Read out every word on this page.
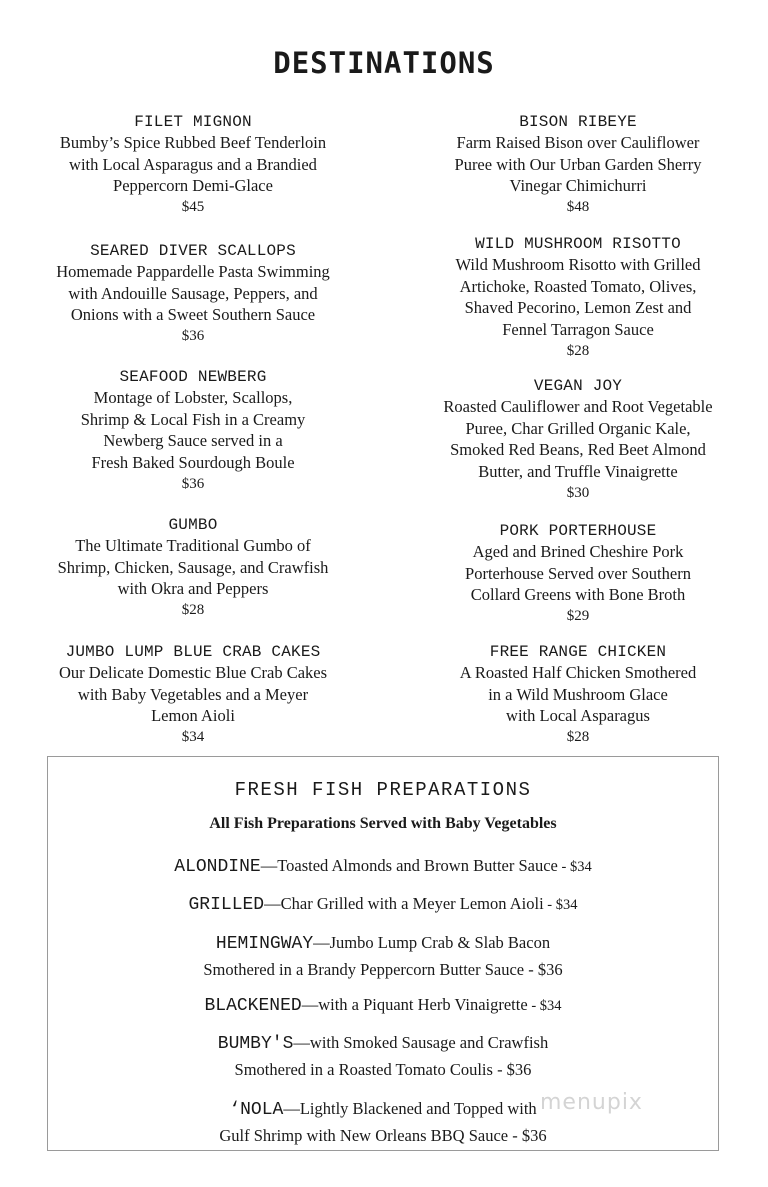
DESTINATIONS
FILET MIGNON
Bumby’s Spice Rubbed Beef Tenderloin
with Local Asparagus and a Brandied
Peppercorn Demi-Glace
$45
SEARED DIVER SCALLOPS
Homemade Pappardelle Pasta Swimming
with Andouille Sausage, Peppers, and
Onions with a Sweet Southern Sauce
$36
SEAFOOD NEWBERG
Montage of Lobster, Scallops,
Shrimp & Local Fish in a Creamy
Newberg Sauce served in a
Fresh Baked Sourdough Boule
$36
GUMBO
The Ultimate Traditional Gumbo of
Shrimp, Chicken, Sausage, and Crawfish
with Okra and Peppers
$28
JUMBO LUMP BLUE CRAB CAKES
Our Delicate Domestic Blue Crab Cakes
with Baby Vegetables and a Meyer
Lemon Aioli
$34
BISON RIBEYE
Farm Raised Bison over Cauliflower
Puree with Our Urban Garden Sherry
Vinegar Chimichurri
$48
WILD MUSHROOM RISOTTO
Wild Mushroom Risotto with Grilled
Artichoke, Roasted Tomato, Olives,
Shaved Pecorino, Lemon Zest and
Fennel Tarragon Sauce
$28
VEGAN JOY
Roasted Cauliflower and Root Vegetable
Puree, Char Grilled Organic Kale,
Smoked Red Beans, Red Beet Almond
Butter, and Truffle Vinaigrette
$30
PORK PORTERHOUSE
Aged and Brined Cheshire Pork
Porterhouse Served over Southern
Collard Greens with Bone Broth
$29
FREE RANGE CHICKEN
A Roasted Half Chicken Smothered
in a Wild Mushroom Glace
with Local Asparagus
$28
FRESH FISH PREPARATIONS
All Fish Preparations Served with Baby Vegetables
ALONDINE—Toasted Almonds and Brown Butter Sauce - $34
GRILLED—Char Grilled with a Meyer Lemon Aioli - $34
HEMINGWAY—Jumbo Lump Crab & Slab Bacon
Smothered in a Brandy Peppercorn Butter Sauce - $36
BLACKENED—with a Piquant Herb Vinaigrette - $34
BUMBY'S—with Smoked Sausage and Crawfish
Smothered in a Roasted Tomato Coulis - $36
‘NOLA—Lightly Blackened and Topped with
Gulf Shrimp with New Orleans BBQ Sauce - $36
menupix
